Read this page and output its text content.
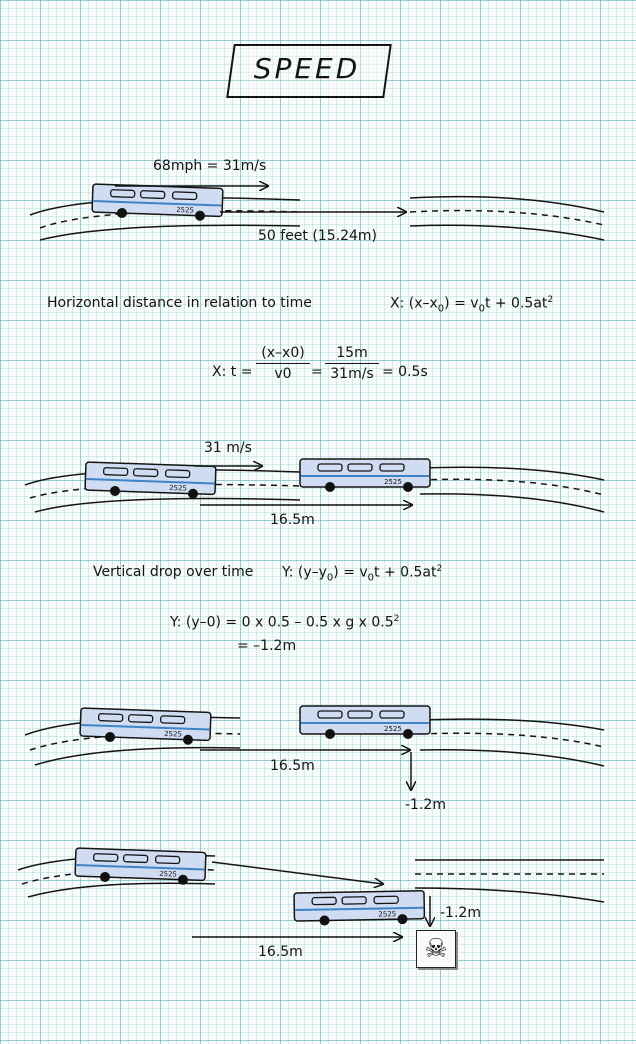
2525
SPEED
68mph = 31m/s
50 feet (15.24m)
Horizontal distance in relation to time	X: $(x-x_0) = v_0t + 0.5at^2$
X: t =
(x–x0)
v0	=
15m
31m/s = 0.5s
31 m/s
16.5m
Vertical drop over time Y: $(y-y_0) = v_0t + 0.5at^2$
Y: (y–0) = 0 x 0.5 – 0.5 x g x $0.5^2$
= –1.2m
16.5m
-1.2m
16.5m
-1.2m
☠
